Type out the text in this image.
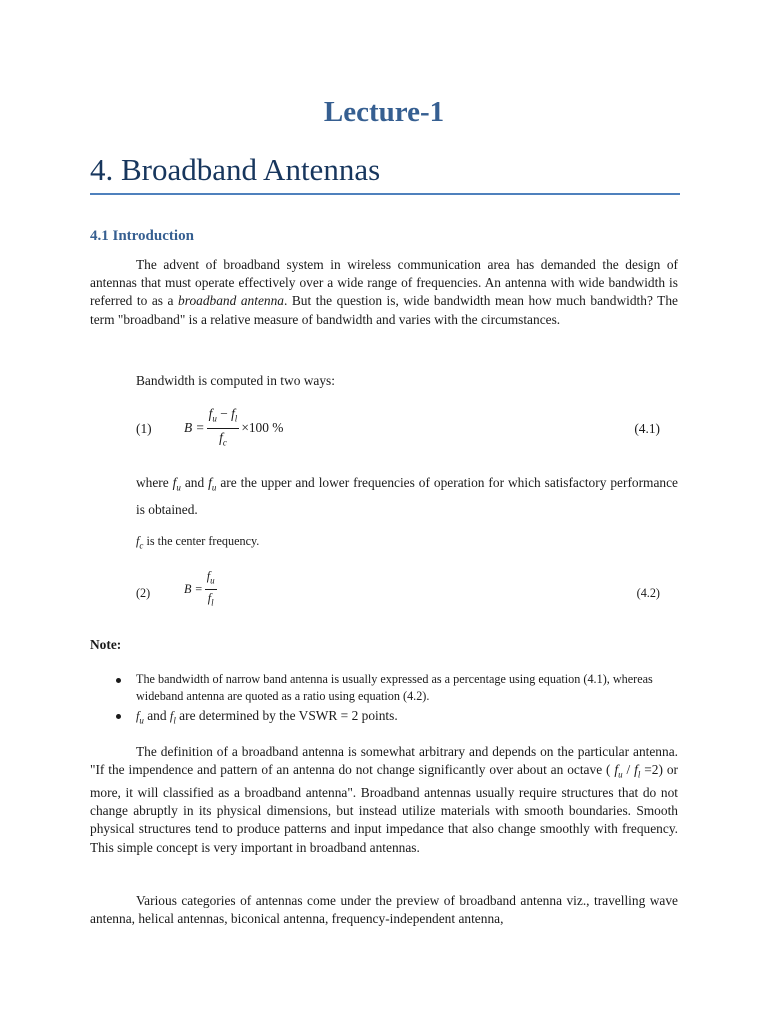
Lecture-1
4. Broadband Antennas
4.1 Introduction

The advent of broadband system in wireless communication area has demanded the design of antennas that must operate effectively over a wide range of frequencies. An antenna with wide bandwidth is referred to as a broadband antenna. But the question is, wide bandwidth mean how much bandwidth? The term "broadband" is a relative measure of bandwidth and varies with the circumstances.

Bandwidth is computed in two ways:
(1) $B = \frac{f_u - f_l}{f_c} \times 100$ %	(4.1)

where $f_u$ and $f_u$ are the upper and lower frequencies of operation for which satisfactory performance is obtained.

$f_c$ is the center frequency.
(2)	$B = \frac{f_u}{f_l}$	(4.2)
Note:
The bandwidth of narrow band antenna is usually expressed as a percentage using equation (4.1), whereas wideband antenna are quoted as a ratio using equation (4.2).
$f_u$ and $f_l$ are determined by the VSWR = 2 points.

The definition of a broadband antenna is somewhat arbitrary and depends on the particular antenna. "If the impendence and pattern of an antenna do not change significantly over about an octave ( $f_u / f_l =2$) or more, it will classified as a broadband antenna". Broadband antennas usually require structures that do not change abruptly in its physical dimensions, but instead utilize materials with smooth boundaries. Smooth physical structures tend to produce patterns and input impedance that also change smoothly with frequency. This simple concept is very important in broadband antennas.

Various categories of antennas come under the preview of broadband antenna viz., travelling wave antenna, helical antennas, biconical antenna, frequency-independent antenna,
